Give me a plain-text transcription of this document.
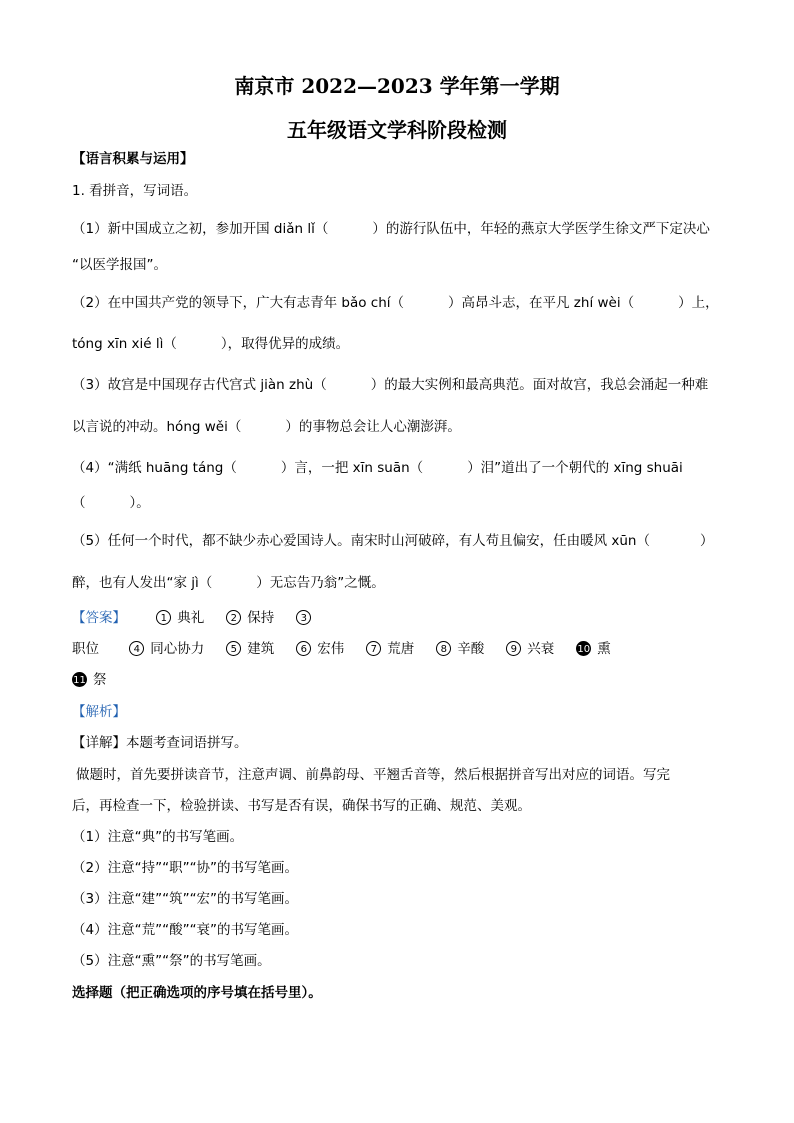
南京市 2022—2023 学年第一学期
五年级语文学科阶段检测
【语言积累与运用】
1. 看拼音，写词语。
（1）新中国成立之初，参加开国 diǎn lǐ（	）的游行队伍中，年轻的燕京大学医学生徐文严下定决心
“以医学报国”。
（2）在中国共产党的领导下，广大有志青年 bǎo chí（	）高昂斗志，在平凡 zhí wèi（	）上，
tóng xīn xié lì（	），取得优异的成绩。
（3）故宫是中国现存古代宫式 jiàn zhù（	）的最大实例和最高典范。面对故宫，我总会涌起一种难
以言说的冲动。hóng wěi（	）的事物总会让人心潮澎湃。
（4）“满纸 huāng táng（	）言，一把 xīn suān（	）泪”道出了一个朝代的 xīng shuāi
（	）。
（5）任何一个时代，都不缺少赤心爱国诗人。南宋时山河破碎，有人苟且偏安，任由暖风 xūn（	）
醉，也有人发出“家 jì（	）无忘告乃翁”之慨。
【答案】	1 典礼	2 保持	3
职位	4 同心协力	5 建筑	6 宏伟	7 荒唐	8 辛酸	9 兴衰 10 熏
11 祭
【解析】
【详解】本题考查词语拼写。
做题时，首先要拼读音节，注意声调、前鼻韵母、平翘舌音等，然后根据拼音写出对应的词语。写完
后，再检查一下，检验拼读、书写是否有误，确保书写的正确、规范、美观。
（1）注意“典”的书写笔画。
（2）注意“持”“职”“协”的书写笔画。
（3）注意“建”“筑”“宏”的书写笔画。
（4）注意“荒”“酸”“衰”的书写笔画。
（5）注意“熏”“祭”的书写笔画。
选择题（把正确选项的序号填在括号里）。
